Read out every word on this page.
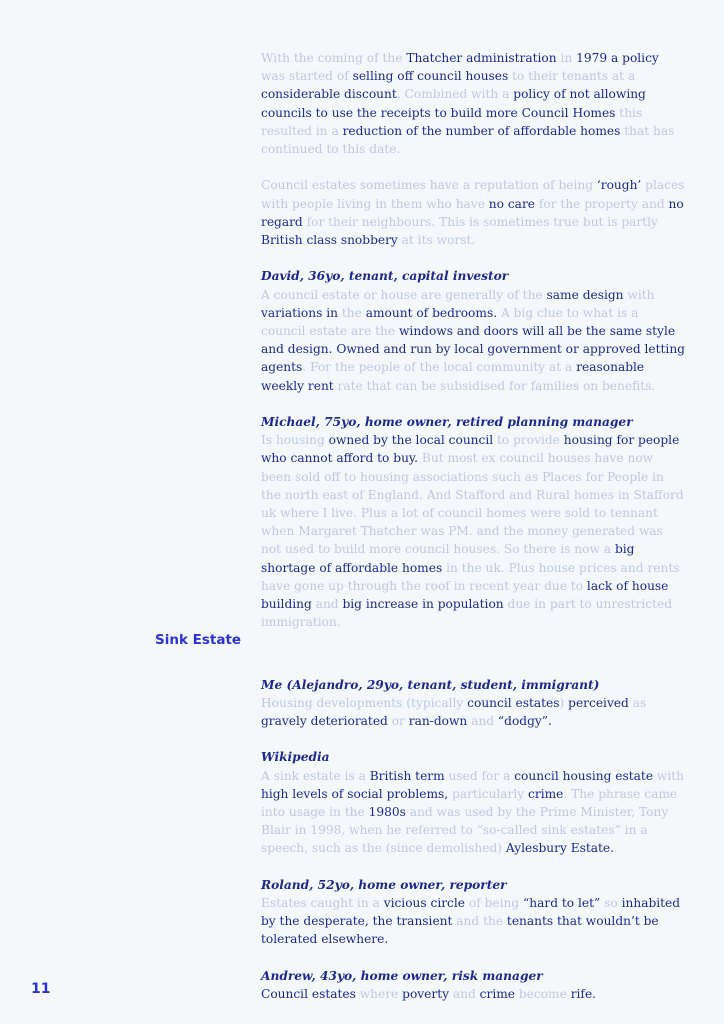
With the coming of the Thatcher administration in 1979 a policy was started of selling off council houses to their tenants at a considerable discount. Combined with a policy of not allowing councils to use the receipts to build more Council Homes this resulted in a reduction of the number of affordable homes that has continued to this date.

Council estates sometimes have a reputation of being ‘rough’ places with people living in them who have no care for the property and no regard for their neighbours. This is sometimes true but is partly British class snobbery at its worst.

David, 36yo, tenant, capital investor
A council estate or house are generally of the same design with variations in the amount of bedrooms. A big clue to what is a council estate are the windows and doors will all be the same style and design. Owned and run by local government or approved letting agents. For the people of the local community at a reasonable weekly rent rate that can be subsidised for families on benefits.

Michael, 75yo, home owner, retired planning manager
Is housing owned by the local council to provide housing for people who cannot afford to buy. But most ex council houses have now been sold off to housing associations such as Places for People in the north east of England. And Stafford and Rural homes in Stafford uk where I live. Plus a lot of council homes were sold to tennant when Margaret Thatcher was PM. and the money generated was not used to build more council houses. So there is now a big shortage of affordable homes in the uk. Plus house prices and rents have gone up through the roof in recent year due to lack of house building and big increase in population due in part to unrestricted immigration.

Me (Alejandro, 29yo, tenant, student, immigrant)
Housing developments (typically council estates) perceived as gravely deteriorated or ran-down and “dodgy”.

Wikipedia
A sink estate is a British term used for a council housing estate with high levels of social problems, particularly crime. The phrase came into usage in the 1980s and was used by the Prime Minister, Tony Blair in 1998, when he referred to “so-called sink estates” in a speech, such as the (since demolished) Aylesbury Estate.

Roland, 52yo, home owner, reporter
Estates caught in a vicious circle of being “hard to let” so inhabited by the desperate, the transient and the tenants that wouldn’t be tolerated elsewhere.

Andrew, 43yo, home owner, risk manager
Council estates where poverty and crime become rife.

Sink Estate
11
